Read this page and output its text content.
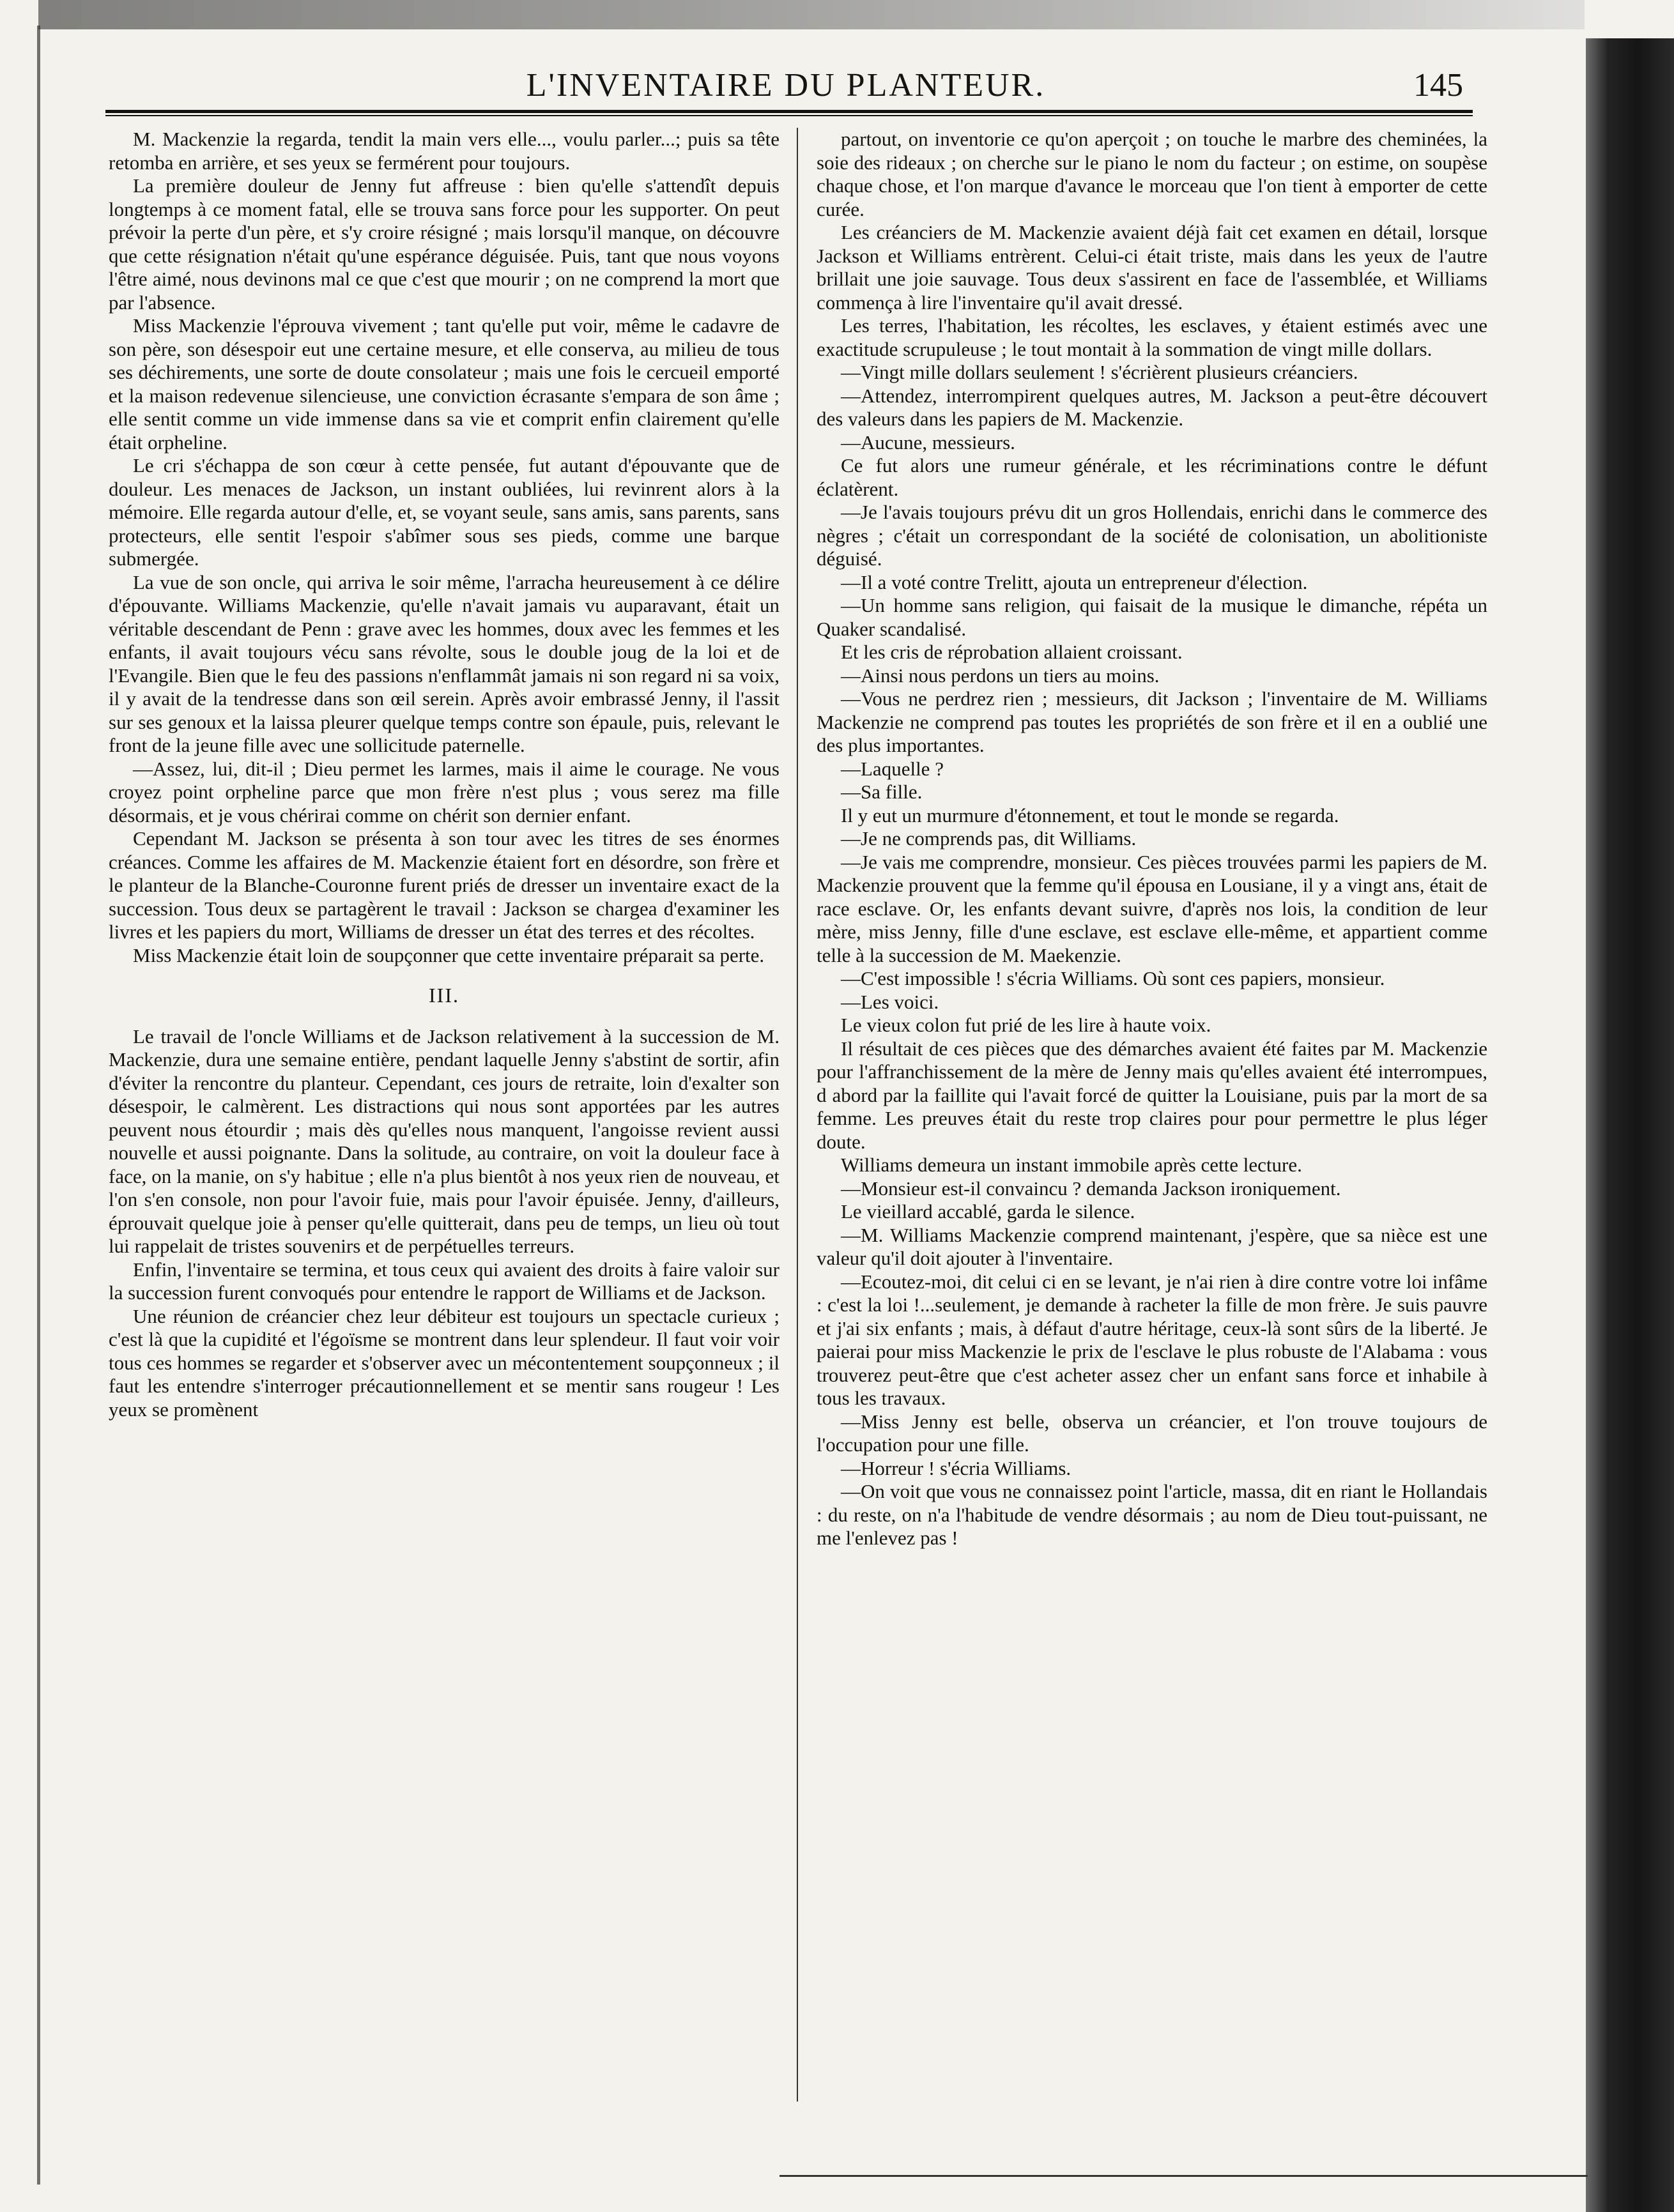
L'INVENTAIRE DU PLANTEUR.	145

M. Mackenzie la regarda, tendit la main vers elle..., voulu parler...; puis sa tête retomba en arrière, et ses yeux se fermérent pour toujours.

La première douleur de Jenny fut affreuse : bien qu'elle s'attendît depuis longtemps à ce moment fatal, elle se trouva sans force pour les supporter. On peut prévoir la perte d'un père, et s'y croire résigné ; mais lorsqu'il manque, on découvre que cette résignation n'était qu'une espérance déguisée. Puis, tant que nous voyons l'être aimé, nous devinons mal ce que c'est que mourir ; on ne comprend la mort que par l'absence.

Miss Mackenzie l'éprouva vivement ; tant qu'elle put voir, même le cadavre de son père, son désespoir eut une certaine mesure, et elle conserva, au milieu de tous ses déchirements, une sorte de doute consolateur ; mais une fois le cercueil emporté et la maison redevenue silencieuse, une conviction écrasante s'empara de son âme ; elle sentit comme un vide immense dans sa vie et comprit enfin clairement qu'elle était orpheline.

Le cri s'échappa de son cœur à cette pensée, fut autant d'épouvante que de douleur. Les menaces de Jackson, un instant oubliées, lui revinrent alors à la mémoire. Elle regarda autour d'elle, et, se voyant seule, sans amis, sans parents, sans protecteurs, elle sentit l'espoir s'abîmer sous ses pieds, comme une barque submergée.

La vue de son oncle, qui arriva le soir même, l'arracha heureusement à ce délire d'épouvante. Williams Mackenzie, qu'elle n'avait jamais vu auparavant, était un véritable descendant de Penn : grave avec les hommes, doux avec les femmes et les enfants, il avait toujours vécu sans révolte, sous le double joug de la loi et de l'Evangile. Bien que le feu des passions n'enflammât jamais ni son regard ni sa voix, il y avait de la tendresse dans son œil serein. Après avoir embrassé Jenny, il l'assit sur ses genoux et la laissa pleurer quelque temps contre son épaule, puis, relevant le front de la jeune fille avec une sollicitude paternelle.

—Assez, lui, dit-il ; Dieu permet les larmes, mais il aime le courage. Ne vous croyez point orpheline parce que mon frère n'est plus ; vous serez ma fille désormais, et je vous chérirai comme on chérit son dernier enfant.

Cependant M. Jackson se présenta à son tour avec les titres de ses énormes créances. Comme les affaires de M. Mackenzie étaient fort en désordre, son frère et le planteur de la Blanche-Couronne furent priés de dresser un inventaire exact de la succession. Tous deux se partagèrent le travail : Jackson se chargea d'examiner les livres et les papiers du mort, Williams de dresser un état des terres et des récoltes.

Miss Mackenzie était loin de soupçonner que cette inventaire préparait sa perte.

III.

Le travail de l'oncle Williams et de Jackson relativement à la succession de M. Mackenzie, dura une semaine entière, pendant laquelle Jenny s'abstint de sortir, afin d'éviter la rencontre du planteur. Cependant, ces jours de retraite, loin d'exalter son désespoir, le calmèrent. Les distractions qui nous sont apportées par les autres peuvent nous étourdir ; mais dès qu'elles nous manquent, l'angoisse revient aussi nouvelle et aussi poignante. Dans la solitude, au contraire, on voit la douleur face à face, on la manie, on s'y habitue ; elle n'a plus bientôt à nos yeux rien de nouveau, et l'on s'en console, non pour l'avoir fuie, mais pour l'avoir épuisée. Jenny, d'ailleurs, éprouvait quelque joie à penser qu'elle quitterait, dans peu de temps, un lieu où tout lui rappelait de tristes souvenirs et de perpétuelles terreurs.

Enfin, l'inventaire se termina, et tous ceux qui avaient des droits à faire valoir sur la succession furent convoqués pour entendre le rapport de Williams et de Jackson.

Une réunion de créancier chez leur débiteur est toujours un spectacle curieux ; c'est là que la cupidité et l'égoïsme se montrent dans leur splendeur. Il faut voir voir tous ces hommes se regarder et s'observer avec un mécontentement soupçonneux ; il faut les entendre s'interroger précautionnellement et se mentir sans rougeur ! Les yeux se promènent

partout, on inventorie ce qu'on aperçoit ; on touche le marbre des cheminées, la soie des rideaux ; on cherche sur le piano le nom du facteur ; on estime, on soupèse chaque chose, et l'on marque d'avance le morceau que l'on tient à emporter de cette curée.

Les créanciers de M. Mackenzie avaient déjà fait cet examen en détail, lorsque Jackson et Williams entrèrent. Celui-ci était triste, mais dans les yeux de l'autre brillait une joie sauvage. Tous deux s'assirent en face de l'assemblée, et Williams commença à lire l'inventaire qu'il avait dressé.

Les terres, l'habitation, les récoltes, les esclaves, y étaient estimés avec une exactitude scrupuleuse ; le tout montait à la sommation de vingt mille dollars.

—Vingt mille dollars seulement ! s'écrièrent plusieurs créanciers.

—Attendez, interrompirent quelques autres, M. Jackson a peut-être découvert des valeurs dans les papiers de M. Mackenzie.

—Aucune, messieurs.

Ce fut alors une rumeur générale, et les récriminations contre le défunt éclatèrent.

—Je l'avais toujours prévu dit un gros Hollendais, enrichi dans le commerce des nègres ; c'était un correspondant de la société de colonisation, un abolitioniste déguisé.

—Il a voté contre Trelitt, ajouta un entrepreneur d'élection.

—Un homme sans religion, qui faisait de la musique le dimanche, répéta un Quaker scandalisé.

Et les cris de réprobation allaient croissant.

—Ainsi nous perdons un tiers au moins.

—Vous ne perdrez rien ; messieurs, dit Jackson ; l'inventaire de M. Williams Mackenzie ne comprend pas toutes les propriétés de son frère et il en a oublié une des plus importantes.

—Laquelle ?

—Sa fille.

Il y eut un murmure d'étonnement, et tout le monde se regarda.

—Je ne comprends pas, dit Williams.

—Je vais me comprendre, monsieur. Ces pièces trouvées parmi les papiers de M. Mackenzie prouvent que la femme qu'il épousa en Lousiane, il y a vingt ans, était de race esclave. Or, les enfants devant suivre, d'après nos lois, la condition de leur mère, miss Jenny, fille d'une esclave, est esclave elle-même, et appartient comme telle à la succession de M. Maekenzie.

—C'est impossible ! s'écria Williams. Où sont ces papiers, monsieur.

—Les voici.

Le vieux colon fut prié de les lire à haute voix.

Il résultait de ces pièces que des démarches avaient été faites par M. Mackenzie pour l'affranchissement de la mère de Jenny mais qu'elles avaient été interrompues, d abord par la faillite qui l'avait forcé de quitter la Louisiane, puis par la mort de sa femme. Les preuves était du reste trop claires pour pour permettre le plus léger doute.

Williams demeura un instant immobile après cette lecture.

—Monsieur est-il convaincu ? demanda Jackson ironiquement.

Le vieillard accablé, garda le silence.

—M. Williams Mackenzie comprend maintenant, j'espère, que sa nièce est une valeur qu'il doit ajouter à l'inventaire.

—Ecoutez-moi, dit celui ci en se levant, je n'ai rien à dire contre votre loi infâme : c'est la loi !...seulement, je demande à racheter la fille de mon frère. Je suis pauvre et j'ai six enfants ; mais, à défaut d'autre héritage, ceux-là sont sûrs de la liberté. Je paierai pour miss Mackenzie le prix de l'esclave le plus robuste de l'Alabama : vous trouverez peut-être que c'est acheter assez cher un enfant sans force et inhabile à tous les travaux.

—Miss Jenny est belle, observa un créancier, et l'on trouve toujours de l'occupation pour une fille.

—Horreur ! s'écria Williams.

—On voit que vous ne connaissez point l'article, massa, dit en riant le Hollandais : du reste, on n'a l'habitude de vendre désormais ; au nom de Dieu tout-puissant, ne me l'enlevez pas !
